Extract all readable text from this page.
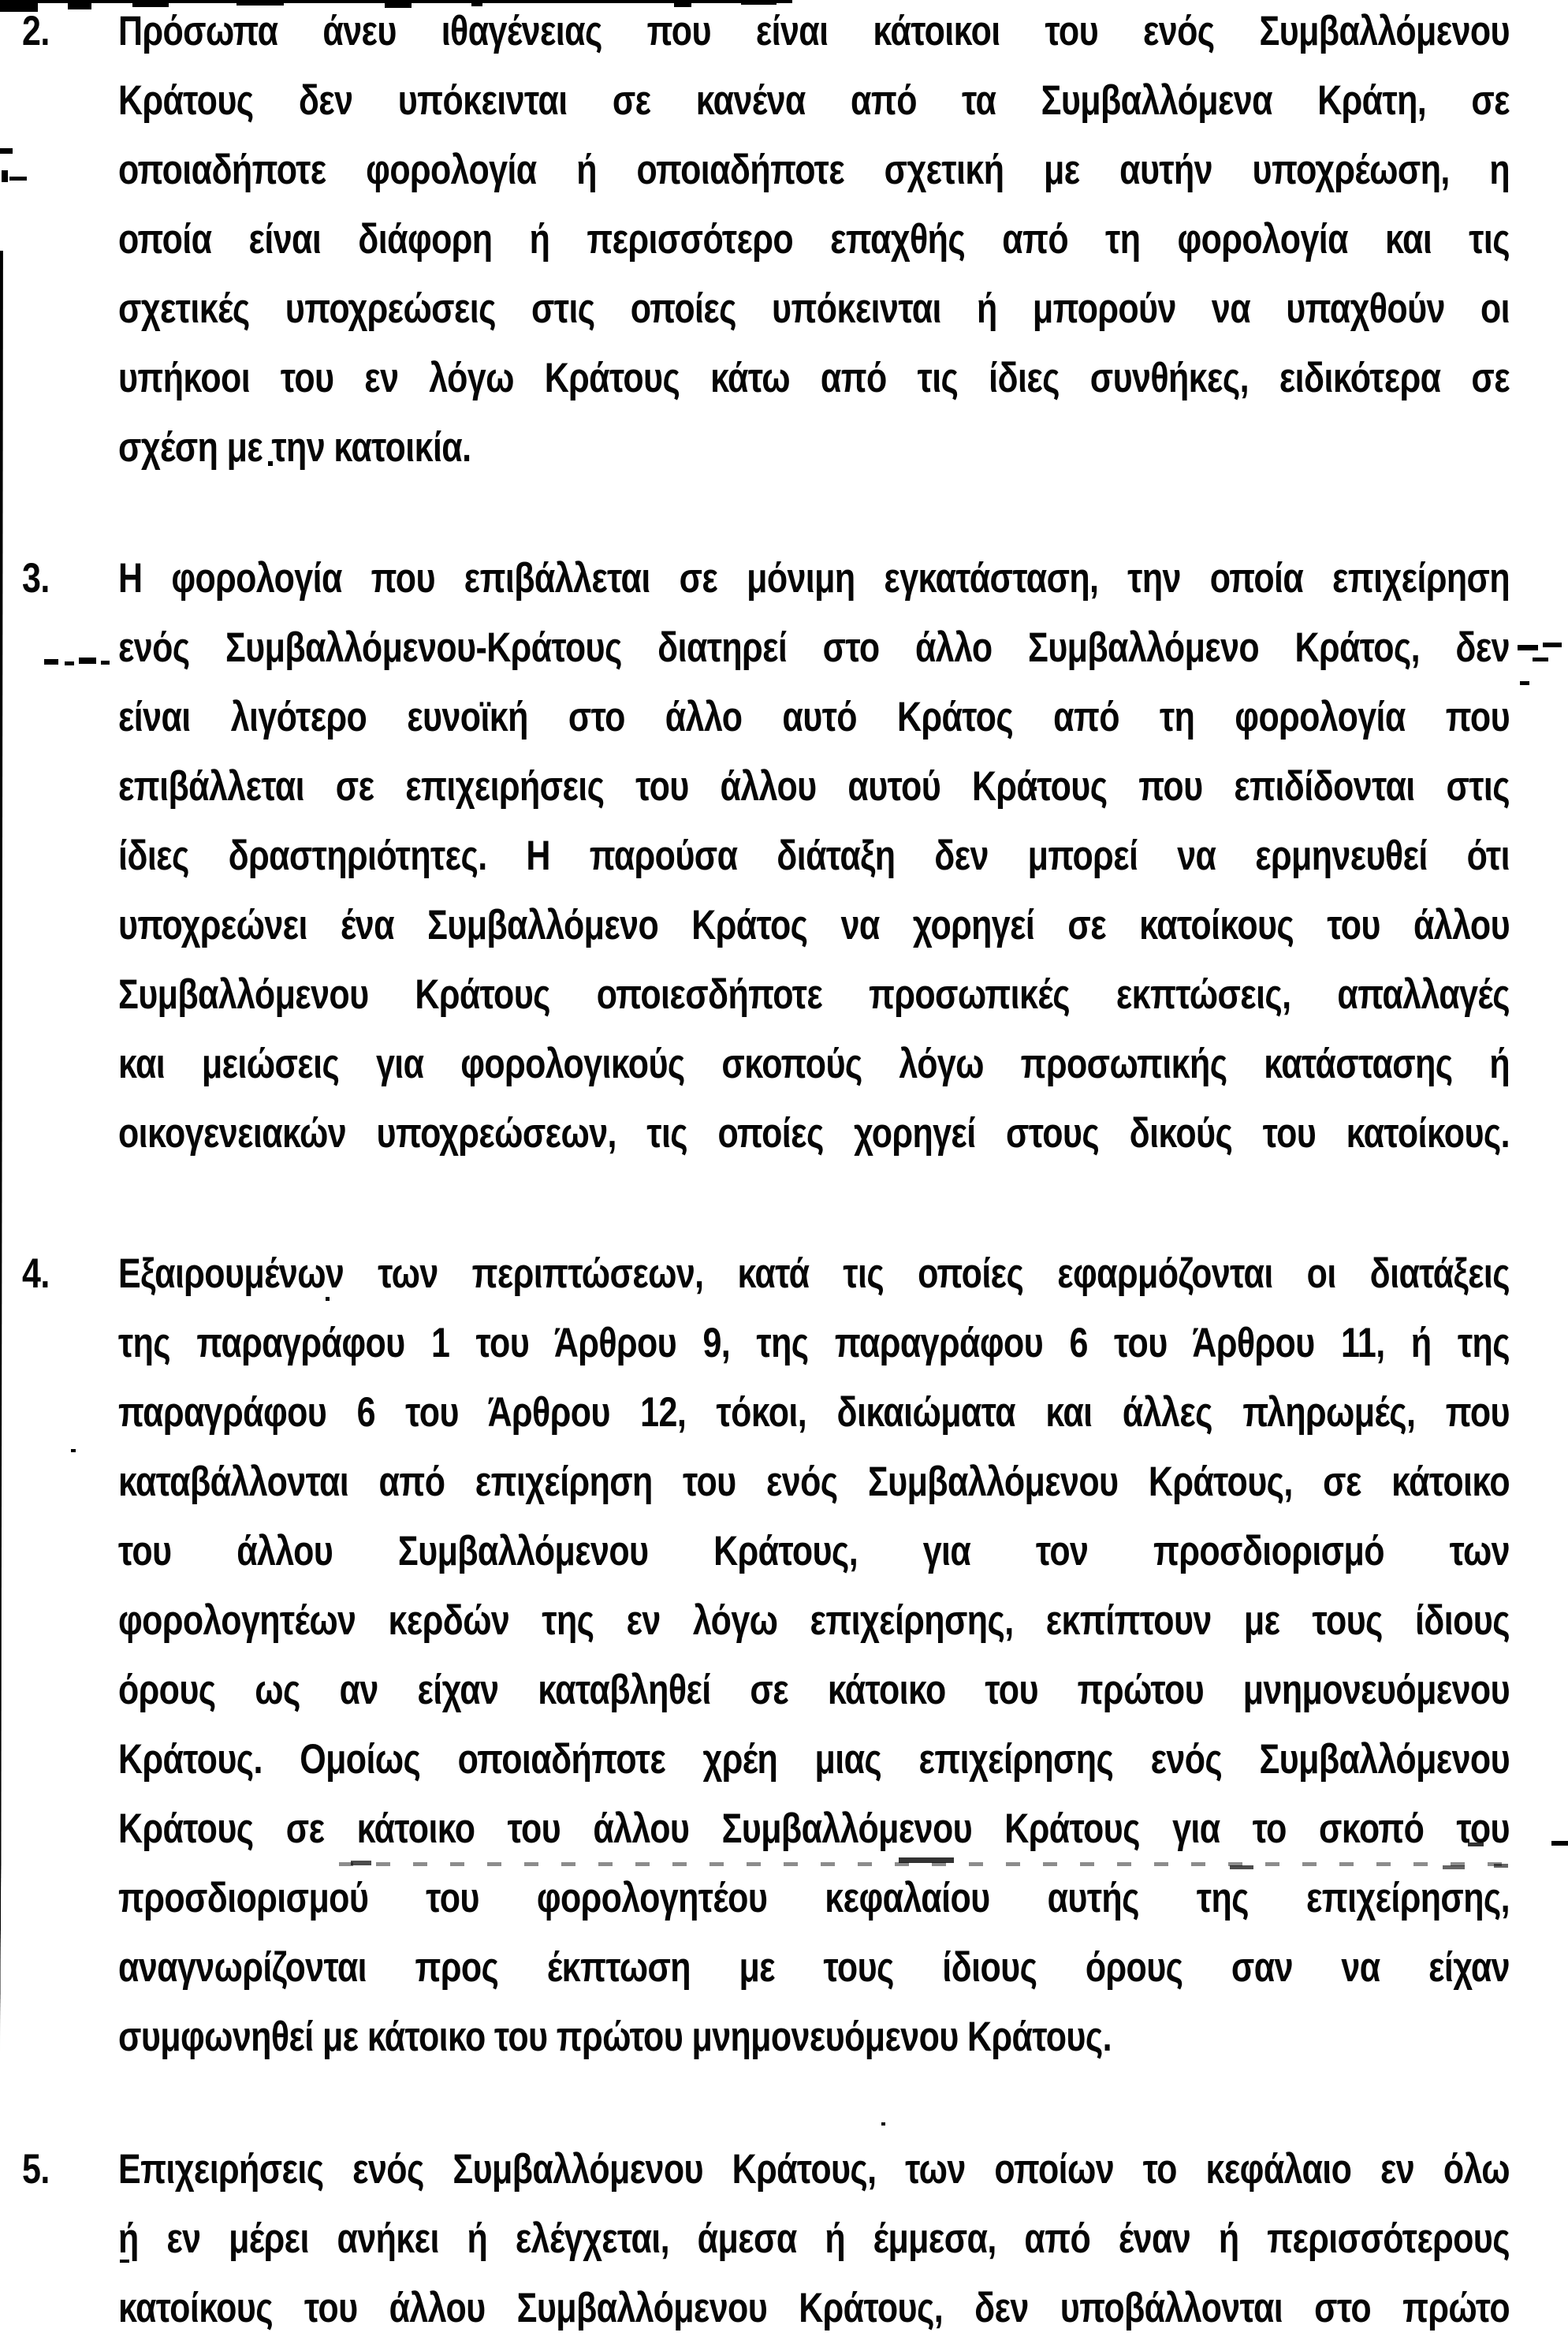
2.	Πρόσωπα άνευ ιθαγένειας που είναι κάτοικοι του ενός Συμβαλλόμενου
Κράτους δεν υπόκεινται σε κανένα από τα Συμβαλλόμενα Κράτη, σε
οποιαδήποτε φορολογία ή οποιαδήποτε σχετική με αυτήν υποχρέωση, η
οποία είναι διάφορη ή περισσότερο επαχθής από τη φορολογία και τις
σχετικές υποχρεώσεις στις οποίες υπόκεινται ή μπορούν να υπαχθούν οι
υπήκοοι του εν λόγω Κράτους κάτω από τις ίδιες συνθήκες, ειδικότερα σε
σχέση με την κατοικία.
3.	Η φορολογία που επιβάλλεται σε μόνιμη εγκατάσταση, την οποία επιχείρηση
ενός Συμβαλλόμενου-Κράτους διατηρεί στο άλλο Συμβαλλόμενο Κράτος, δεν
είναι λιγότερο ευνοϊκή στο άλλο αυτό Κράτος από τη φορολογία που
επιβάλλεται σε επιχειρήσεις του άλλου αυτού Κράτους που επιδίδονται στις
ίδιες δραστηριότητες. Η παρούσα διάταξη δεν μπορεί να ερμηνευθεί ότι
υποχρεώνει ένα Συμβαλλόμενο Κράτος να χορηγεί σε κατοίκους του άλλου
Συμβαλλόμενου Κράτους οποιεσδήποτε προσωπικές εκπτώσεις, απαλλαγές
και μειώσεις για φορολογικούς σκοπούς λόγω προσωπικής κατάστασης ή
οικογενειακών υποχρεώσεων, τις οποίες χορηγεί στους δικούς του κατοίκους.
4.	Εξαιρουμένων των περιπτώσεων, κατά τις οποίες εφαρμόζονται οι διατάξεις
της παραγράφου 1 του Άρθρου 9, της παραγράφου 6 του Άρθρου 11, ή της
παραγράφου 6 του Άρθρου 12, τόκοι, δικαιώματα και άλλες πληρωμές, που
καταβάλλονται από επιχείρηση του ενός Συμβαλλόμενου Κράτους, σε κάτοικο
του άλλου Συμβαλλόμενου Κράτους, για τον προσδιορισμό των
φορολογητέων κερδών της εν λόγω επιχείρησης, εκπίπτουν με τους ίδιους
όρους ως αν είχαν καταβληθεί σε κάτοικο του πρώτου μνημονευόμενου
Κράτους. Ομοίως οποιαδήποτε χρέη μιας επιχείρησης ενός Συμβαλλόμενου
Κράτους σε κάτοικο του άλλου Συμβαλλόμενου Κράτους για το σκοπό του
προσδιορισμού του φορολογητέου κεφαλαίου αυτής της επιχείρησης,
αναγνωρίζονται προς έκπτωση με τους ίδιους όρους σαν να είχαν
συμφωνηθεί με κάτοικο του πρώτου μνημονευόμενου Κράτους.
5.	Επιχειρήσεις ενός Συμβαλλόμενου Κράτους, των οποίων το κεφάλαιο εν όλω
ή εν μέρει ανήκει ή ελέγχεται, άμεσα ή έμμεσα, από έναν ή περισσότερους
κατοίκους του άλλου Συμβαλλόμενου Κράτους, δεν υποβάλλονται στο πρώτο
